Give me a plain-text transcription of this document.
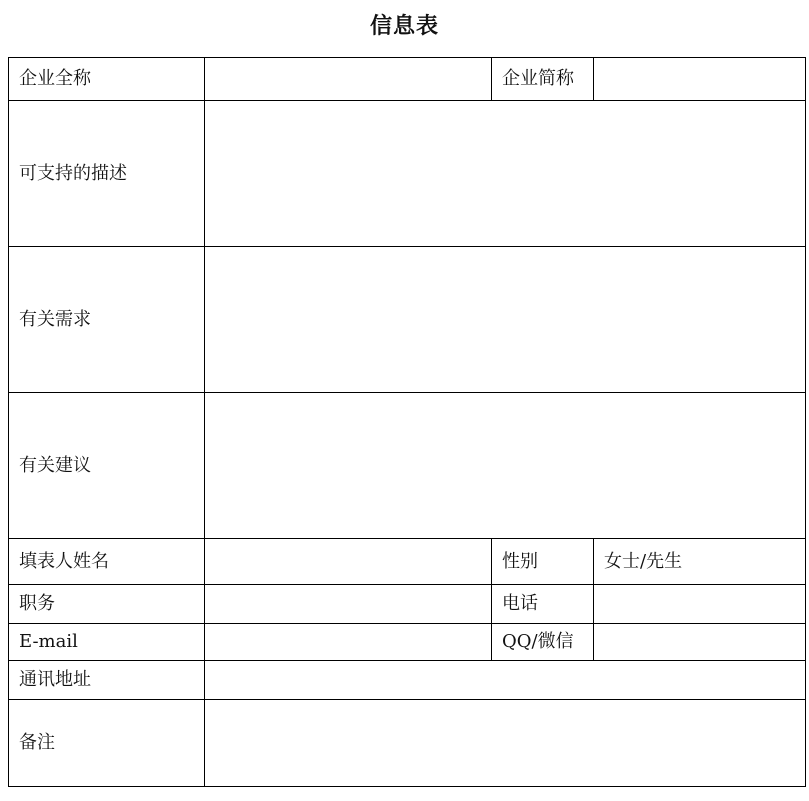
信息表
企业全称		企业简称	
可支持的描述			
有关需求			
有关建议			
填表人姓名		性别	女士/先生
职务		电话	
E-mail		QQ/微信	
通讯地址			
备注			
